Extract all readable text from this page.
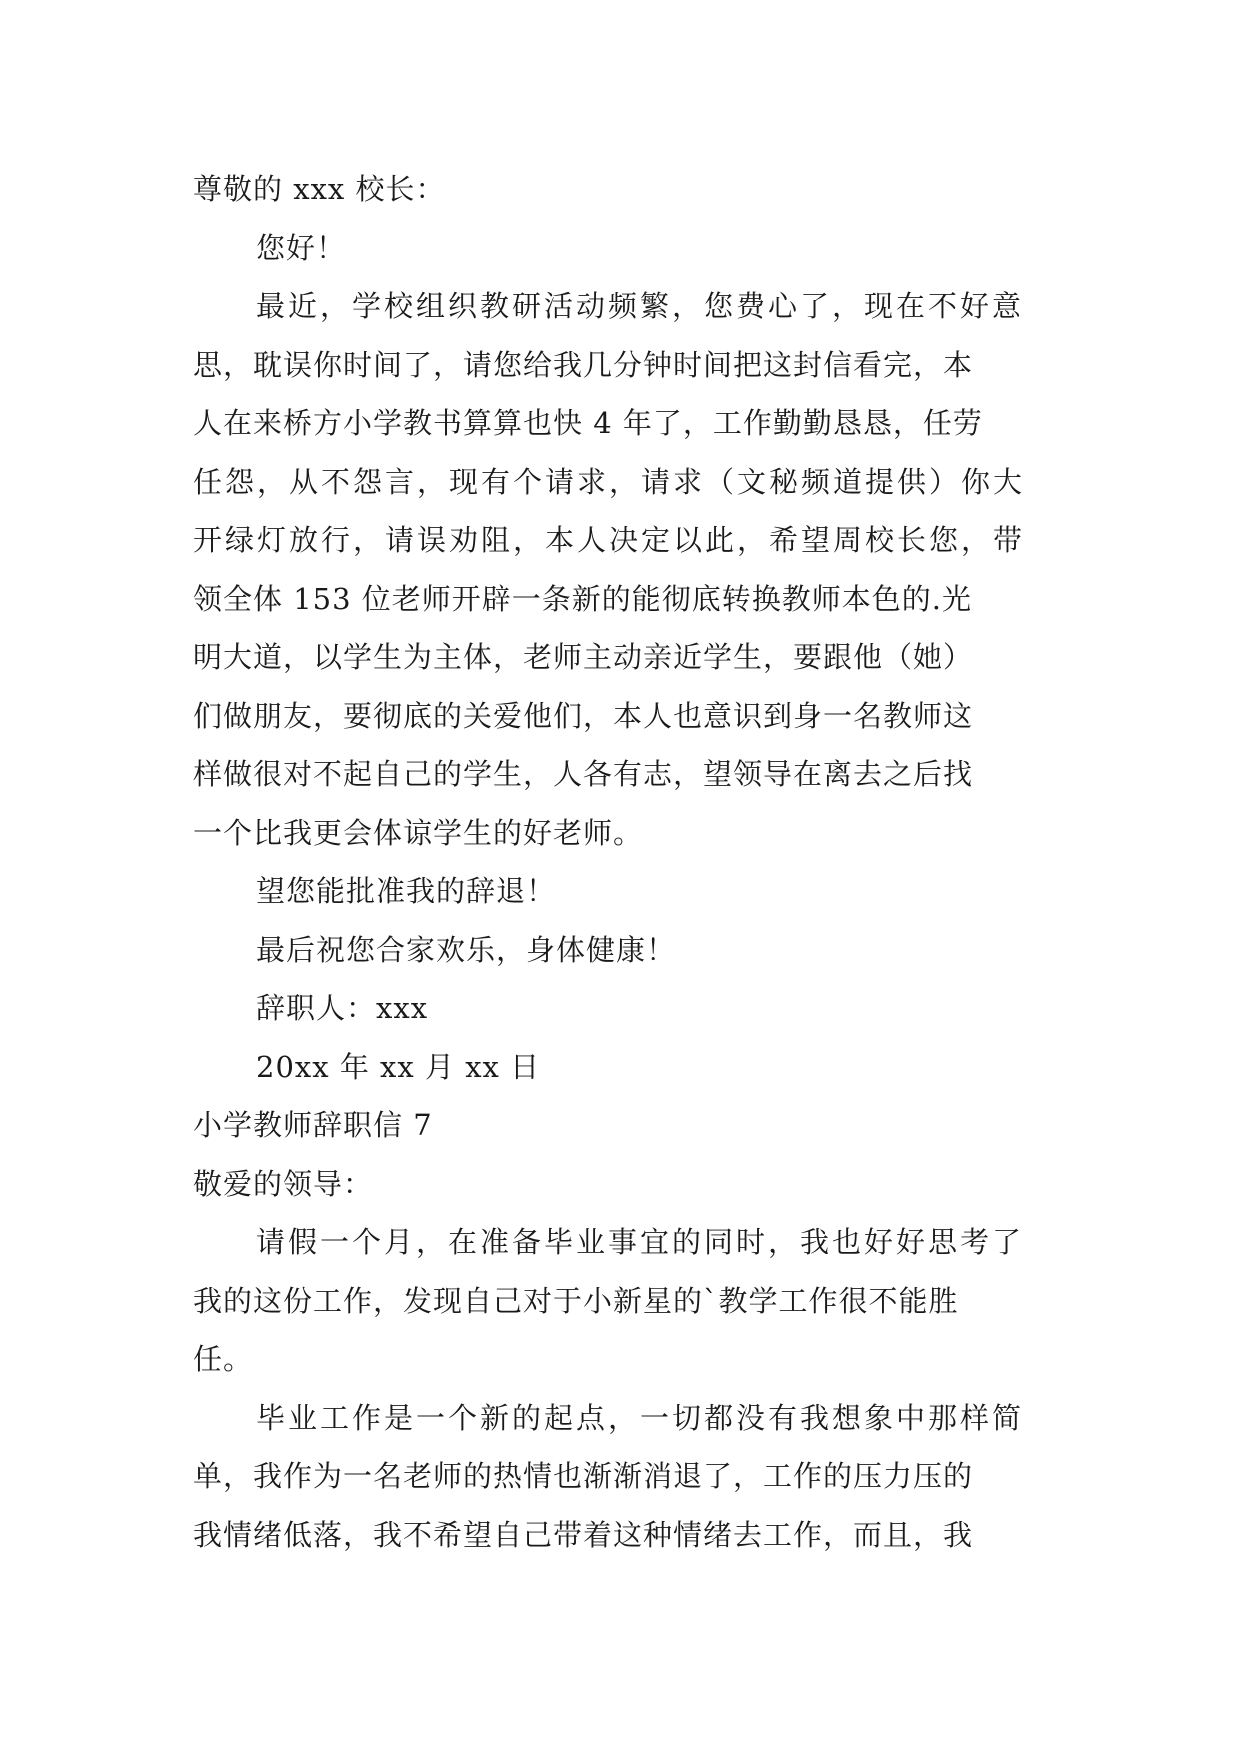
尊敬的 xxx 校长：
您好！
最近，学校组织教研活动频繁，您费心了，现在不好意
思，耽误你时间了，请您给我几分钟时间把这封信看完，本
人在来桥方小学教书算算也快 4 年了，工作勤勤恳恳，任劳
任怨，从不怨言，现有个请求，请求（文秘频道提供）你大
开绿灯放行，请误劝阻，本人决定以此，希望周校长您，带
领全体 153 位老师开辟一条新的能彻底转换教师本色的.光
明大道，以学生为主体，老师主动亲近学生，要跟他（她）
们做朋友，要彻底的关爱他们，本人也意识到身一名教师这
样做很对不起自己的学生，人各有志，望领导在离去之后找
一个比我更会体谅学生的好老师。
望您能批准我的辞退！
最后祝您合家欢乐，身体健康！
辞职人：xxx
20xx 年 xx 月 xx 日
小学教师辞职信 7
敬爱的领导：
请假一个月，在准备毕业事宜的同时，我也好好思考了
我的这份工作，发现自己对于小新星的`教学工作很不能胜
任。
毕业工作是一个新的起点，一切都没有我想象中那样简
单，我作为一名老师的热情也渐渐消退了，工作的压力压的
我情绪低落，我不希望自己带着这种情绪去工作，而且，我
